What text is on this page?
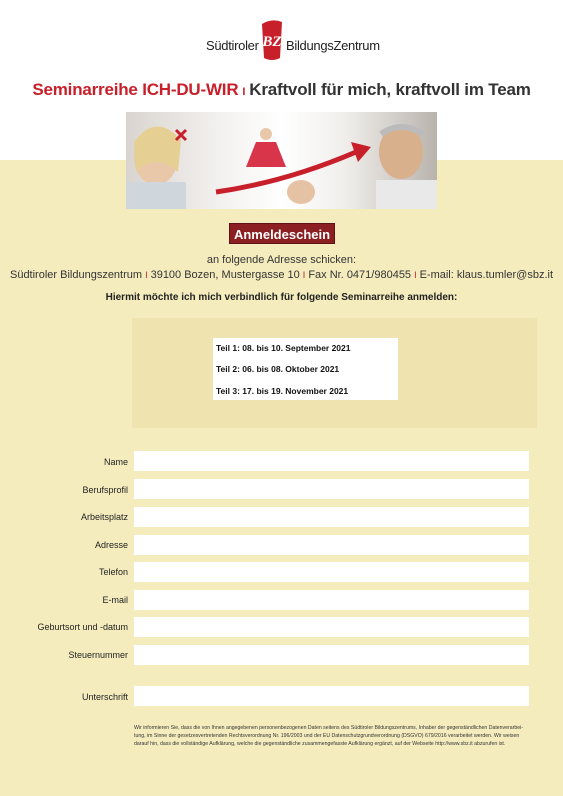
Südtiroler BZ BildungsZentrum
Seminarreihe ICH-DU-WIR I Kraftvoll für mich, kraftvoll im Team
Anmeldeschein
an folgende Adresse schicken:
Südtiroler Bildungszentrum I 39100 Bozen, Mustergasse 10 I Fax Nr. 0471/980455 I E-mail: klaus.tumler@sbz.it
Hiermit möchte ich mich verbindlich für folgende Seminarreihe anmelden:
Teil 1: 08. bis 10. September 2021
Teil 2: 06. bis 08. Oktober 2021
Teil 3: 17. bis 19. November 2021
Name
Berufsprofil
Arbeitsplatz
Adresse
Telefon
E-mail
Geburtsort und -datum
Steuernummer
Unterschrift
Wir informieren Sie, dass die von Ihnen angegebenen personenbezogenen Daten seitens des Südtiroler Bildungszentrums, Inhaber der gegenständlichen Datenverarbei-
tung, im Sinne der gesetzesvertretenden Rechtsverordnung Nr. 196/2003 und der EU Datenschutzgrundverordnung (DSGVO) 679/2016 verarbeitet werden. Wir weisen
darauf hin, dass die vollständige Aufklärung, welche die gegenständliche zusammengefasste Aufklärung ergänzt, auf der Webseite http://www.sbz.it abzurufen ist.
